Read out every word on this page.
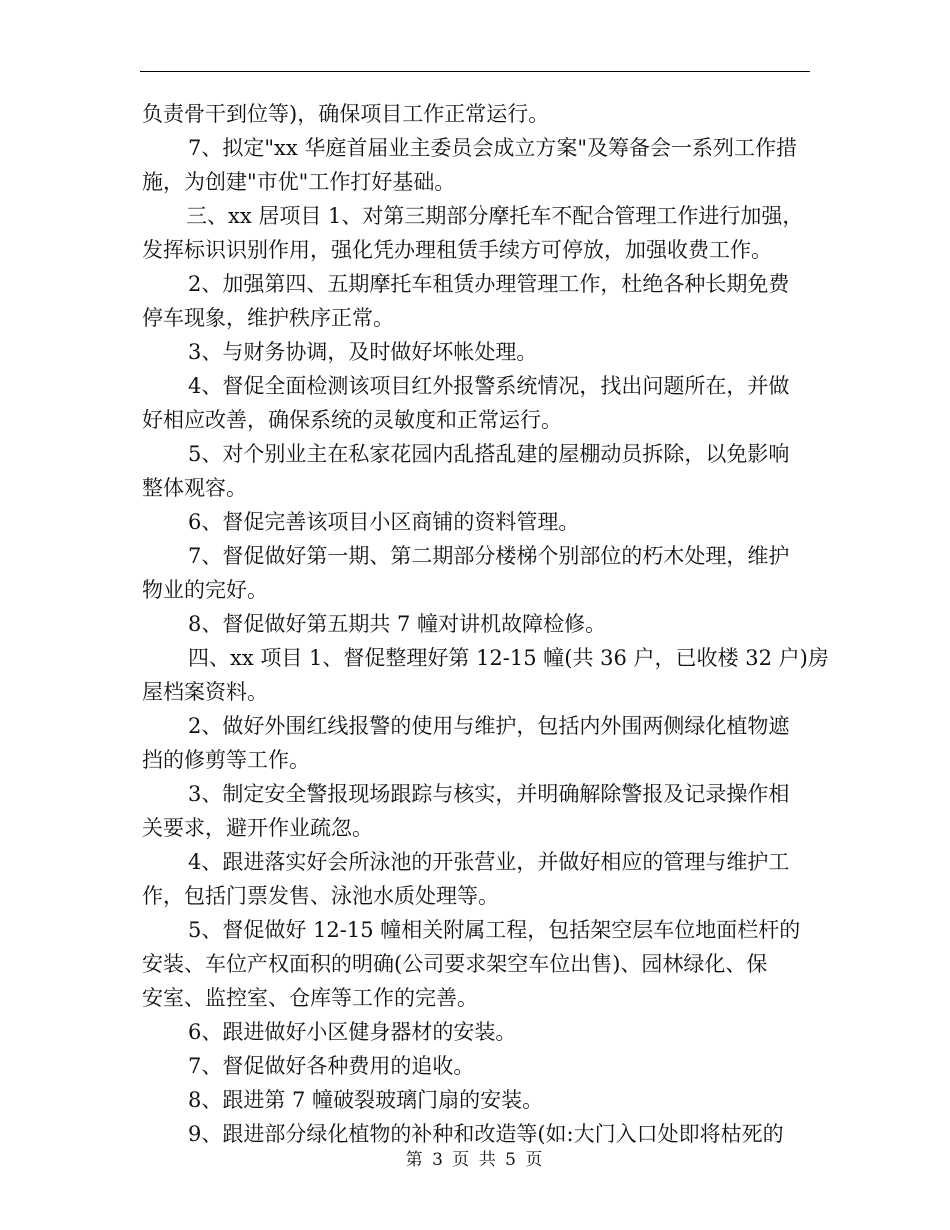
负责骨干到位等)，确保项目工作正常运行。

7、拟定"xx 华庭首届业主委员会成立方案"及筹备会一系列工作措

施，为创建"市优"工作打好基础。

三、xx 居项目 1、对第三期部分摩托车不配合管理工作进行加强，

发挥标识识别作用，强化凭办理租赁手续方可停放，加强收费工作。

2、加强第四、五期摩托车租赁办理管理工作，杜绝各种长期免费

停车现象，维护秩序正常。

3、与财务协调，及时做好坏帐处理。

4、督促全面检测该项目红外报警系统情况，找出问题所在，并做

好相应改善，确保系统的灵敏度和正常运行。

5、对个别业主在私家花园内乱搭乱建的屋棚动员拆除，以免影响

整体观容。

6、督促完善该项目小区商铺的资料管理。

7、督促做好第一期、第二期部分楼梯个别部位的朽木处理，维护

物业的完好。

8、督促做好第五期共 7 幢对讲机故障检修。

四、xx 项目 1、督促整理好第 12-15 幢(共 36 户，已收楼 32 户)房

屋档案资料。

2、做好外围红线报警的使用与维护，包括内外围两侧绿化植物遮

挡的修剪等工作。

3、制定安全警报现场跟踪与核实，并明确解除警报及记录操作相

关要求，避开作业疏忽。

4、跟进落实好会所泳池的开张营业，并做好相应的管理与维护工

作，包括门票发售、泳池水质处理等。

5、督促做好 12-15 幢相关附属工程，包括架空层车位地面栏杆的

安装、车位产权面积的明确(公司要求架空车位出售)、园林绿化、保

安室、监控室、仓库等工作的完善。

6、跟进做好小区健身器材的安装。

7、督促做好各种费用的追收。

8、跟进第 7 幢破裂玻璃门扇的安装。

9、跟进部分绿化植物的补种和改造等(如:大门入口处即将枯死的

第 3 页 共 5 页
